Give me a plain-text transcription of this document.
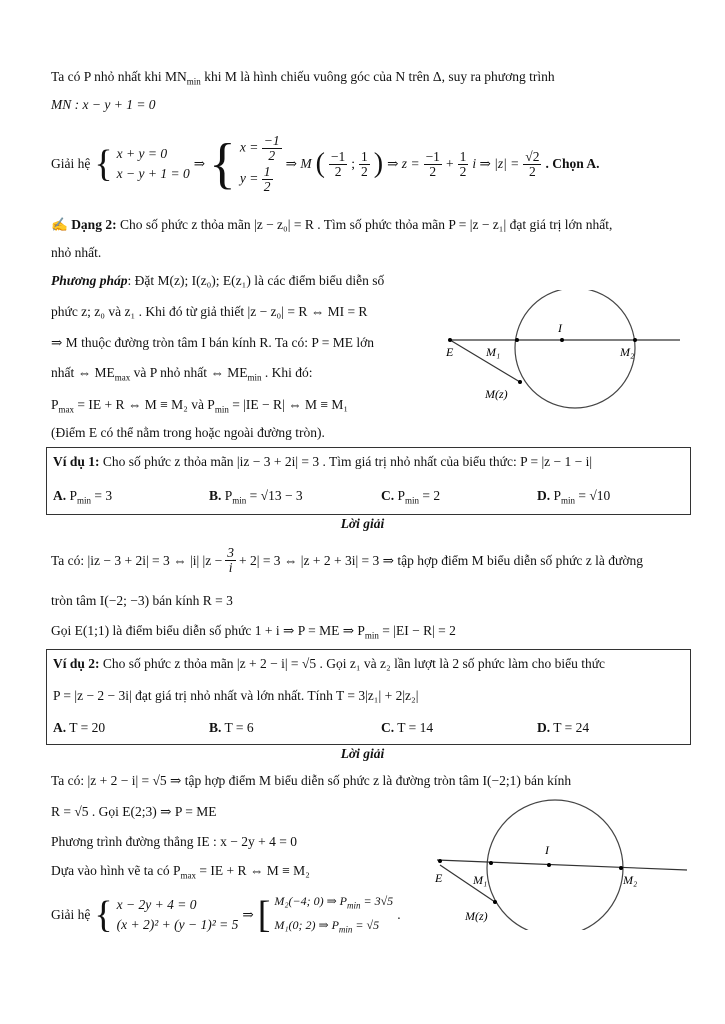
Ta có P nhỏ nhất khi $MN_{min}$ khi M là hình chiếu vuông góc của N trên Δ, suy ra phương trình
MN : x − y + 1 = 0
Giải hệ { x + y = 0
x − y + 1 = 0
⇒ { $x = \frac{-1}{2}$
$y = \frac{1}{2}$
⇒ M ( $\frac{-1}{2}$ ; $\frac{1}{2}$ ) ⇒ $z = \frac{-1}{2} + \frac{1}{2}$ i ⇒ $|z| = \frac{√2}{2}$ . Chọn A.
✍ Dạng 2: Cho số phức z thỏa mãn |z − z₀| = R . Tìm số phức thỏa mãn P = |z − z₁| đạt giá trị lớn nhất,
nhỏ nhất.
Phương pháp: Đặt M(z); I(z₀); E(z₁) là các điểm biểu diễn số
phức z; z₀ và z₁ . Khi đó từ giả thiết |z − z₀| = R ⇔ MI = R
⇒ M thuộc đường tròn tâm I bán kính R. Ta có: P = ME lớn
nhất ⇔ $ME_{max}$ và P nhỏ nhất ⇔ $ME_{min}$ . Khi đó:
$P_{max}$ = IE + R ⇔ M ≡ M₂ và $P_{min} = |IE - R|$ ⇔ M ≡ M₁
(Điểm E có thể nằm trong hoặc ngoài đường tròn).
E	M₁
I
M₂
M(z)
Ví dụ 1: Cho số phức z thỏa mãn |iz − 3 + 2i| = 3 . Tìm giá trị nhỏ nhất của biểu thức: P = |z − 1 − i|
A. $P_{min} = 3$	B. $P_{min} = √13 - 3$	C. $P_{min} = 2$	D. $P_{min} = √10$
Lời giải
Ta có: |iz − 3 + 2i| = 3 ⇔ |i| $|z - \frac{3}{i} + 2| = 3$ ⇔ |z + 2 + 3i| = 3 ⇒ tập hợp điểm M biểu diễn số phức z là đường
tròn tâm I(−2; −3) bán kính R = 3
Gọi E(1;1) là điểm biểu diễn số phức 1 + i ⇒ P = ME ⇒ $P_{min} = |EI - R| = 2$
Ví dụ 2: Cho số phức z thỏa mãn |z + 2 − i| = √5 . Gọi z₁ và z₂ lần lượt là 2 số phức làm cho biểu thức
P = |z − 2 − 3i| đạt giá trị nhỏ nhất và lớn nhất. Tính T = 3|z₁| + 2|z₂|
A. T = 20	B. T = 6	C. T = 14	D. T = 24
Lời giải
Ta có: |z + 2 − i| = √5 ⇒ tập hợp điểm M biểu diễn số phức z là đường tròn tâm I(−2;1) bán kính
R = √5 . Gọi E(2;3) ⇒ P = ME
Phương trình đường thẳng IE : x − 2y + 4 = 0
Dựa vào hình vẽ ta có $P_{max}$ = IE + R ⇔ M ≡ M₂
Giải hệ { x − 2y + 4 = 0
(x + 2)² + (y − 1)² = 5
⇒ [ M₂(−4; 0) ⇒ $P_{min} = 3√5$
M₁(0; 2) ⇒ $P_{min} = √5$
.
E	M₁
I
M₂
M(z)
